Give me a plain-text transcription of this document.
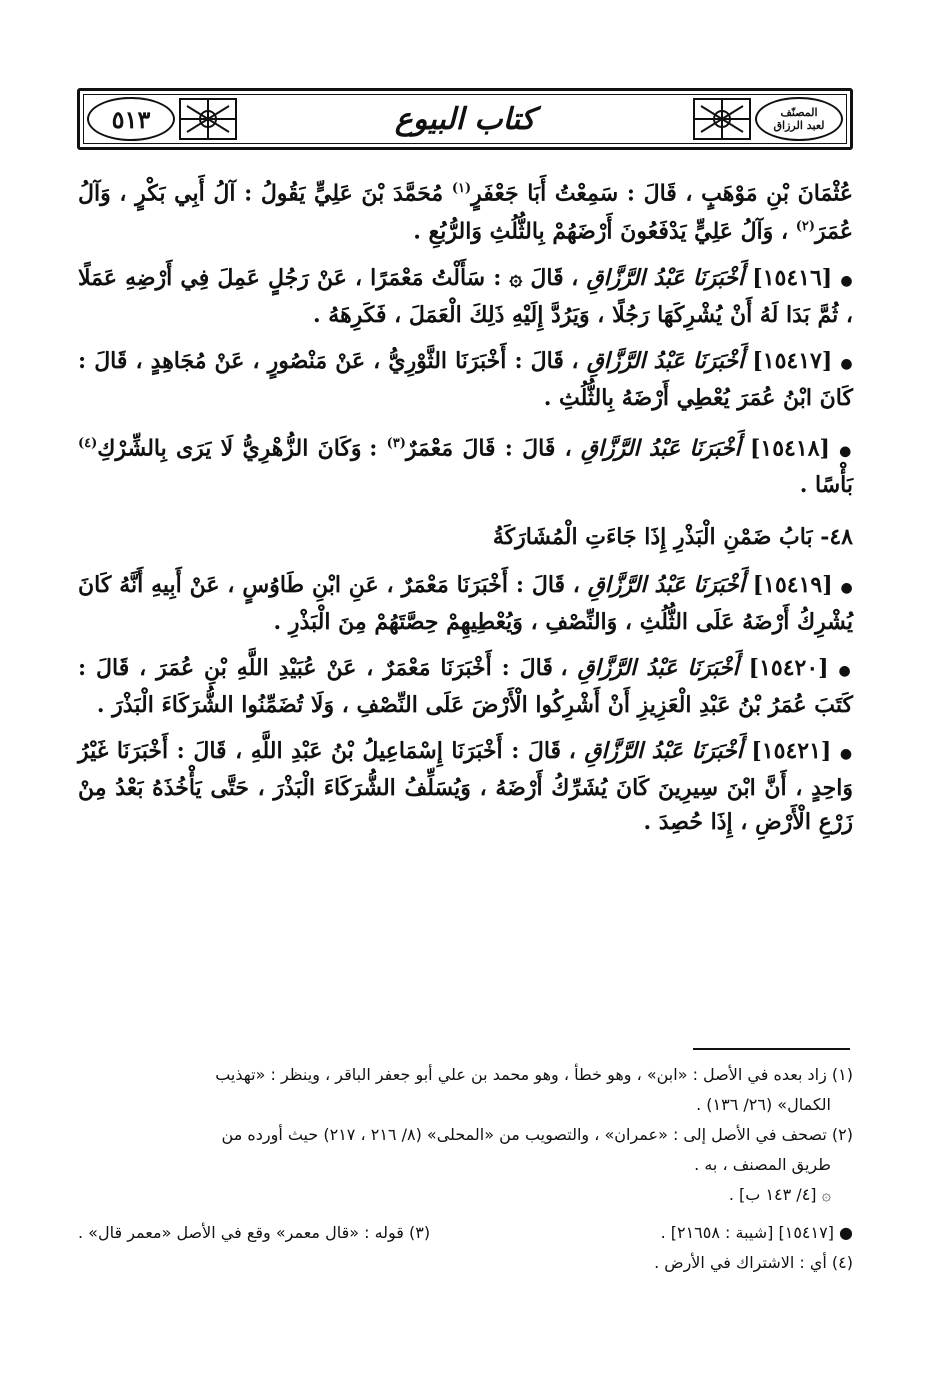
٥١٣	كتاب البيوع	المصنّف
لعبد الرزاق

عُثْمَانَ بْنِ مَوْهَبٍ ، قَالَ : سَمِعْتُ أَبَا جَعْفَرٍ$^{(١)}$ مُحَمَّدَ بْنَ عَلِيٍّ يَقُولُ : آلُ أَبِي بَكْرٍ ، وَآلُ عُمَرَ$^{(٢)}$ ، وَآلُ عَلِيٍّ يَدْفَعُونَ أَرْضَهُمْ بِالثُّلُثِ وَالرُّبُعِ .

● [١٥٤١٦] أَخْبَرَنَا عَبْدُ الرَّزَّاقِ ، قَالَ ۞ : سَأَلْتُ مَعْمَرًا ، عَنْ رَجُلٍ عَمِلَ فِي أَرْضِهِ عَمَلًا ، ثُمَّ بَدَا لَهُ أَنْ يُشْرِكَهَا رَجُلًا ، وَيَرُدَّ إِلَيْهِ ذَلِكَ الْعَمَلَ ، فَكَرِهَهُ .

● [١٥٤١٧] أَخْبَرَنَا عَبْدُ الرَّزَّاقِ ، قَالَ : أَخْبَرَنَا الثَّوْرِيُّ ، عَنْ مَنْصُورٍ ، عَنْ مُجَاهِدٍ ، قَالَ : كَانَ ابْنُ عُمَرَ يُعْطِي أَرْضَهُ بِالثُّلُثِ .

● [١٥٤١٨] أَخْبَرَنَا عَبْدُ الرَّزَّاقِ ، قَالَ : قَالَ مَعْمَرٌ$^{(٣)}$ : وَكَانَ الزُّهْرِيُّ لَا يَرَى بِالشِّرْكِ$^{(٤)}$ بَأْسًا .

٤٨- بَابُ ضَمْنِ الْبَذْرِ إِذَا جَاءَتِ الْمُشَارَكَةُ

● [١٥٤١٩] أَخْبَرَنَا عَبْدُ الرَّزَّاقِ ، قَالَ : أَخْبَرَنَا مَعْمَرٌ ، عَنِ ابْنِ طَاوُسٍ ، عَنْ أَبِيهِ أَنَّهُ كَانَ يُشْرِكُ أَرْضَهُ عَلَى الثُّلُثِ ، وَالنِّصْفِ ، وَيُعْطِيهِمْ حِصَّتَهُمْ مِنَ الْبَذْرِ .

● [١٥٤٢٠] أَخْبَرَنَا عَبْدُ الرَّزَّاقِ ، قَالَ : أَخْبَرَنَا مَعْمَرٌ ، عَنْ عُبَيْدِ اللَّهِ بْنِ عُمَرَ ، قَالَ : كَتَبَ عُمَرُ بْنُ عَبْدِ الْعَزِيزِ أَنْ أَشْرِكُوا الْأَرْضَ عَلَى النِّصْفِ ، وَلَا تُضَمِّنُوا الشُّرَكَاءَ الْبَذْرَ .

● [١٥٤٢١] أَخْبَرَنَا عَبْدُ الرَّزَّاقِ ، قَالَ : أَخْبَرَنَا إِسْمَاعِيلُ بْنُ عَبْدِ اللَّهِ ، قَالَ : أَخْبَرَنَا غَيْرُ وَاحِدٍ ، أَنَّ ابْنَ سِيرِينَ كَانَ يُشَرِّكُ أَرْضَهُ ، وَيُسَلِّفُ الشُّرَكَاءَ الْبَذْرَ ، حَتَّى يَأْخُذَهُ بَعْدُ مِنْ زَرْعِ الْأَرْضِ ، إِذَا حُصِدَ .

(١) زاد بعده في الأصل : «ابن» ، وهو خطأ ، وهو محمد بن علي أبو جعفر الباقر ، وينظر : «تهذيب

الكمال» (٢٦/ ١٣٦) .

(٢) تصحف في الأصل إلى : «عمران» ، والتصويب من «المحلى» (٨/ ٢١٦ ، ٢١٧) حيث أورده من

طريق المصنف ، به .

۞ [٤/ ١٤٣ ب] .

● [١٥٤١٧] [شيبة : ٢١٦٥٨] .
(٣) قوله : «قال معمر» وقع في الأصل «معمر قال» .

(٤) أي : الاشتراك في الأرض .
